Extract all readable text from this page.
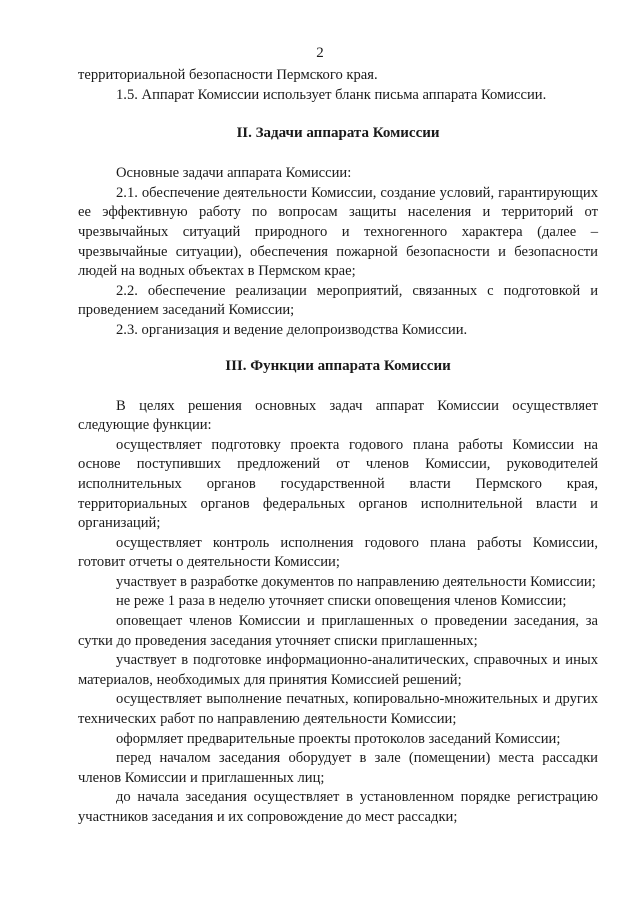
2

территориальной безопасности Пермского края.

1.5. Аппарат Комиссии использует бланк письма аппарата Комиссии.

II. Задачи аппарата Комиссии

Основные задачи аппарата Комиссии:

2.1. обеспечение деятельности Комиссии, создание условий, гарантирующих ее эффективную работу по вопросам защиты населения и территорий от чрезвычайных ситуаций природного и техногенного характера (далее – чрезвычайные ситуации), обеспечения пожарной безопасности и безопасности людей на водных объектах в Пермском крае;

2.2. обеспечение реализации мероприятий, связанных с подготовкой и проведением заседаний Комиссии;

2.3. организация и ведение делопроизводства Комиссии.

III. Функции аппарата Комиссии

В целях решения основных задач аппарат Комиссии осуществляет следующие функции:

осуществляет подготовку проекта годового плана работы Комиссии на основе поступивших предложений от членов Комиссии, руководителей исполнительных органов государственной власти Пермского края, территориальных органов федеральных органов исполнительной власти и организаций;

осуществляет контроль исполнения годового плана работы Комиссии, готовит отчеты о деятельности Комиссии;

участвует в разработке документов по направлению деятельности Комиссии;

не реже 1 раза в неделю уточняет списки оповещения членов Комиссии;

оповещает членов Комиссии и приглашенных о проведении заседания, за сутки до проведения заседания уточняет списки приглашенных;

участвует в подготовке информационно-аналитических, справочных и иных материалов, необходимых для принятия Комиссией решений;

осуществляет выполнение печатных, копировально-множительных и других технических работ по направлению деятельности Комиссии;

оформляет предварительные проекты протоколов заседаний Комиссии;

перед началом заседания оборудует в зале (помещении) места рассадки членов Комиссии и приглашенных лиц;

до начала заседания осуществляет в установленном порядке регистрацию участников заседания и их сопровождение до мест рассадки;
